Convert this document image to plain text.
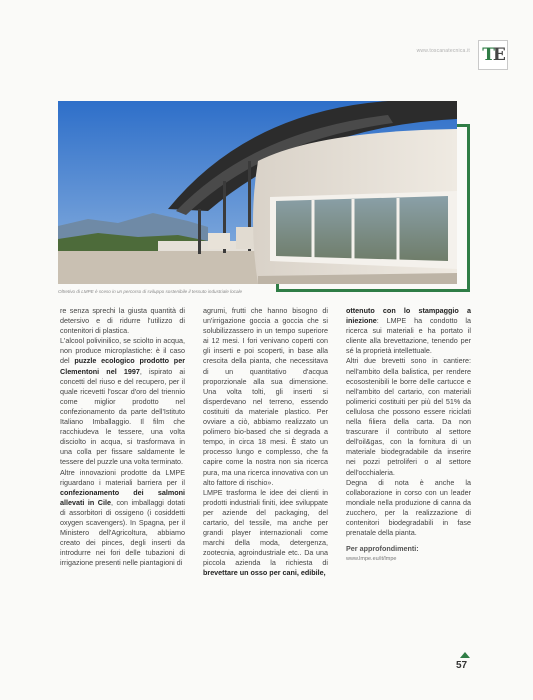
www.toscanatecnica.it T E
Oltretivo di LMPE è sceso in un percorso di sviluppo sostenibile il tessuto industriale locale

re senza sprechi la giusta quantità di detersivo e di ridurre l'utilizzo di contenitori di plastica.

L'alcool polivinilico, se sciolto in acqua, non produce microplastiche: è il caso del puzzle ecologico prodotto per Clementoni nel 1997, ispirato ai concetti del riuso e del recupero, per il quale ricevetti l'oscar d'oro del triennio come miglior prodotto nel confezionamento da parte dell'Istituto Italiano Imballaggio. Il film che racchiudeva le tessere, una volta disciolto in acqua, si trasformava in una colla per fissare saldamente le tessere del puzzle una volta terminato.

Altre innovazioni prodotte da LMPE riguardano i materiali barriera per il confezionamento dei salmoni allevati in Cile, con imballaggi dotati di assorbitori di ossigeno (i cosiddetti oxygen scavengers). In Spagna, per il Ministero dell'Agricoltura, abbiamo creato dei pinces, degli inserti da introdurre nei fori delle tubazioni di irrigazione presenti nelle piantagioni di

agrumi, frutti che hanno bisogno di un'irrigazione goccia a goccia che si solubilizzassero in un tempo superiore ai 12 mesi. I fori venivano coperti con gli inserti e poi scoperti, in base alla crescita della pianta, che necessitava di un quantitativo d'acqua proporzionale alla sua dimensione. Una volta tolti, gli inserti si disperdevano nel terreno, essendo costituiti da materiale plastico. Per ovviare a ciò, abbiamo realizzato un polimero bio-based che si degrada a tempo, in circa 18 mesi. È stato un processo lungo e complesso, che fa capire come la nostra non sia ricerca pura, ma una ricerca innovativa con un alto fattore di rischio».

LMPE trasforma le idee dei clienti in prodotti industriali finiti, idee sviluppate per aziende del packaging, del cartario, del tessile, ma anche per grandi player internazionali come marchi della moda, detergenza, zootecnia, agroindustriale etc.. Da una piccola azienda la richiesta di brevettare un osso per cani, edibile,

ottenuto con lo stampaggio a iniezione: LMPE ha condotto la ricerca sui materiali e ha portato il cliente alla brevettazione, tenendo per sé la proprietà intellettuale.

Altri due brevetti sono in cantiere: nell'ambito della balistica, per rendere ecosostenibili le borre delle cartucce e nell'ambito del cartario, con materiali polimerici costituiti per più del 51% da cellulosa che possono essere riciclati nella filiera della carta. Da non trascurare il contributo al settore dell'oil&gas, con la fornitura di un materiale biodegradabile da inserire nei pozzi petroliferi o al settore dell'occhialeria.

Degna di nota è anche la collaborazione in corso con un leader mondiale nella produzione di canna da zucchero, per la realizzazione di contenitori biodegradabili in fase prenatale della pianta.

Per approfondimenti:

www.lmpe.eu/it/lmpe

57
